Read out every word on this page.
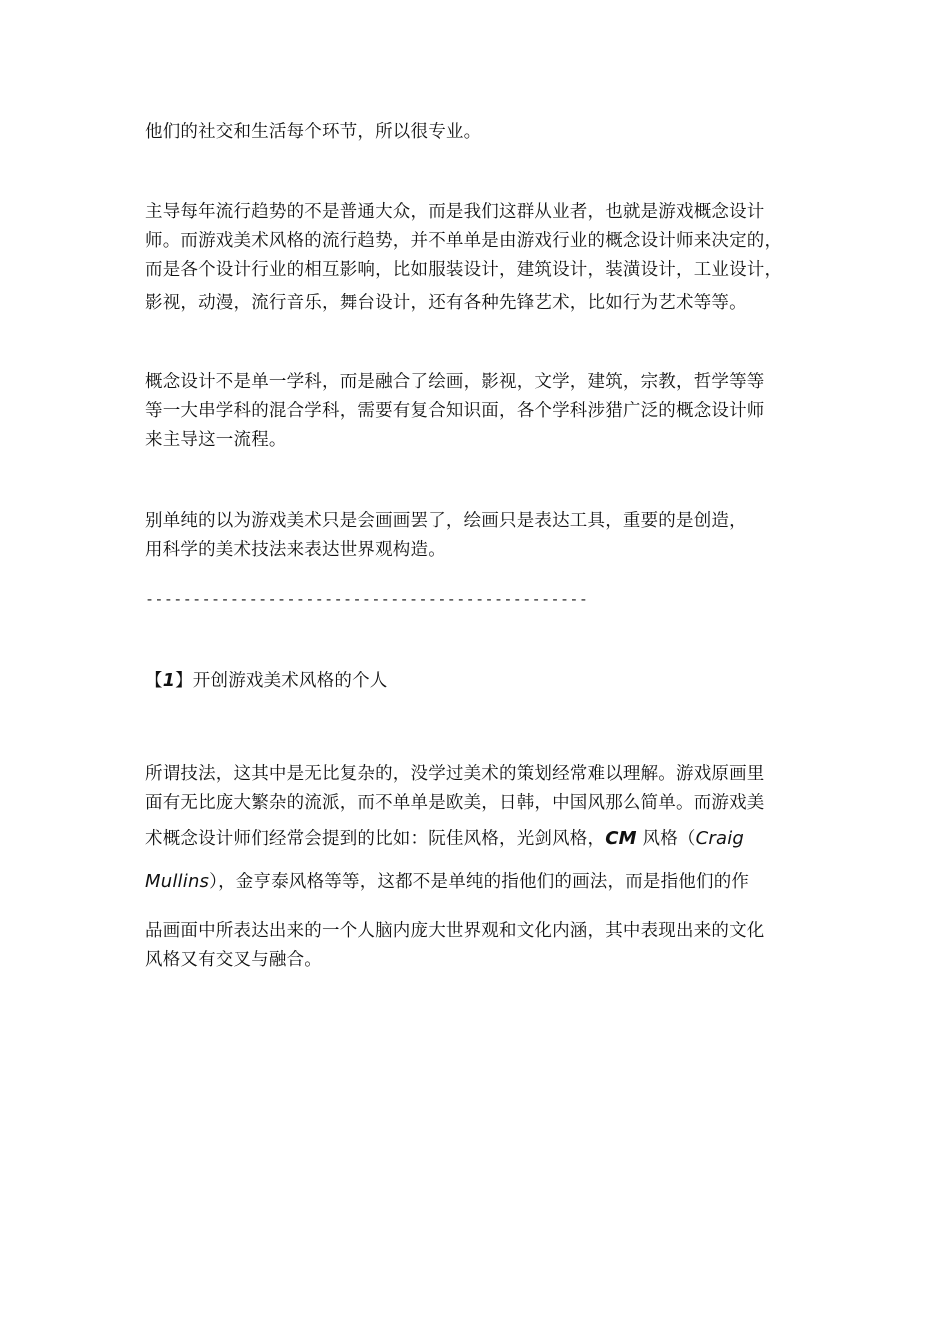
他们的社交和生活每个环节，所以很专业。
主导每年流行趋势的不是普通大众，而是我们这群从业者，也就是游戏概念设计
师。而游戏美术风格的流行趋势，并不单单是由游戏行业的概念设计师来决定的，
而是各个设计行业的相互影响，比如服装设计，建筑设计，装潢设计，工业设计，
影视，动漫，流行音乐，舞台设计，还有各种先锋艺术，比如行为艺术等等。
概念设计不是单一学科，而是融合了绘画，影视，文学，建筑，宗教，哲学等等
等一大串学科的混合学科，需要有复合知识面，各个学科涉猎广泛的概念设计师
来主导这一流程。
别单纯的以为游戏美术只是会画画罢了，绘画只是表达工具，重要的是创造，
用科学的美术技法来表达世界观构造。
-----------------------------------------------
【1】开创游戏美术风格的个人
所谓技法，这其中是无比复杂的，没学过美术的策划经常难以理解。游戏原画里
面有无比庞大繁杂的流派，而不单单是欧美，日韩，中国风那么简单。而游戏美
术概念设计师们经常会提到的比如：阮佳风格，光剑风格，CM 风格（Craig
Mullins），金亨泰风格等等，这都不是单纯的指他们的画法，而是指他们的作
品画面中所表达出来的一个人脑内庞大世界观和文化内涵，其中表现出来的文化
风格又有交叉与融合。
